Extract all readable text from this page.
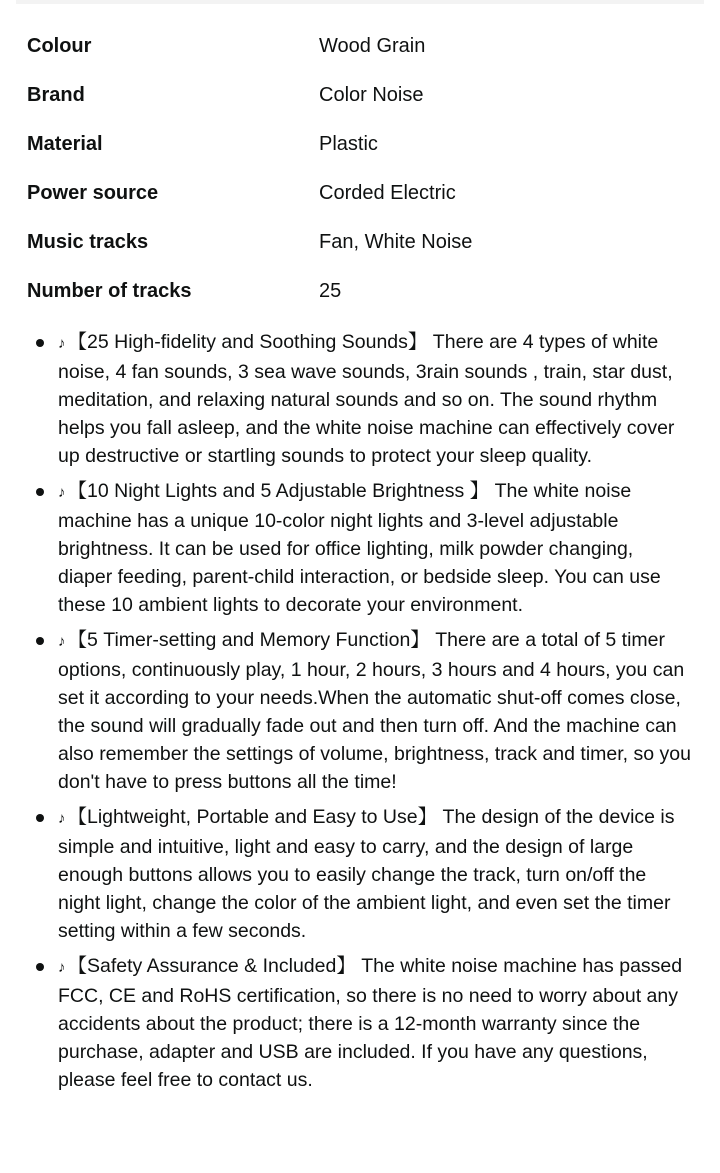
Colour	Wood Grain
Brand	Color Noise
Material	Plastic
Power source	Corded Electric
Music tracks	Fan, White Noise
Number of tracks	25
♪ 【25 High-fidelity and Soothing Sounds】 There are 4 types of white noise, 4 fan sounds, 3 sea wave sounds, 3rain sounds , train, star dust, meditation, and relaxing natural sounds and so on. The sound rhythm helps you fall asleep, and the white noise machine can effectively cover up destructive or startling sounds to protect your sleep quality.
♪ 【10 Night Lights and 5 Adjustable Brightness 】 The white noise machine has a unique 10-color night lights and 3-level adjustable brightness. It can be used for office lighting, milk powder changing, diaper feeding, parent-child interaction, or bedside sleep. You can use these 10 ambient lights to decorate your environment.
♪ 【5 Timer-setting and Memory Function】 There are a total of 5 timer options, continuously play, 1 hour, 2 hours, 3 hours and 4 hours, you can set it according to your needs.When the automatic shut-off comes close, the sound will gradually fade out and then turn off. And the machine can also remember the settings of volume, brightness, track and timer, so you don't have to press buttons all the time!
♪ 【Lightweight, Portable and Easy to Use】 The design of the device is simple and intuitive, light and easy to carry, and the design of large enough buttons allows you to easily change the track, turn on/off the night light, change the color of the ambient light, and even set the timer setting within a few seconds.
♪ 【Safety Assurance & Included】 The white noise machine has passed FCC, CE and RoHS certification, so there is no need to worry about any accidents about the product; there is a 12-month warranty since the purchase, adapter and USB are included. If you have any questions, please feel free to contact us.
